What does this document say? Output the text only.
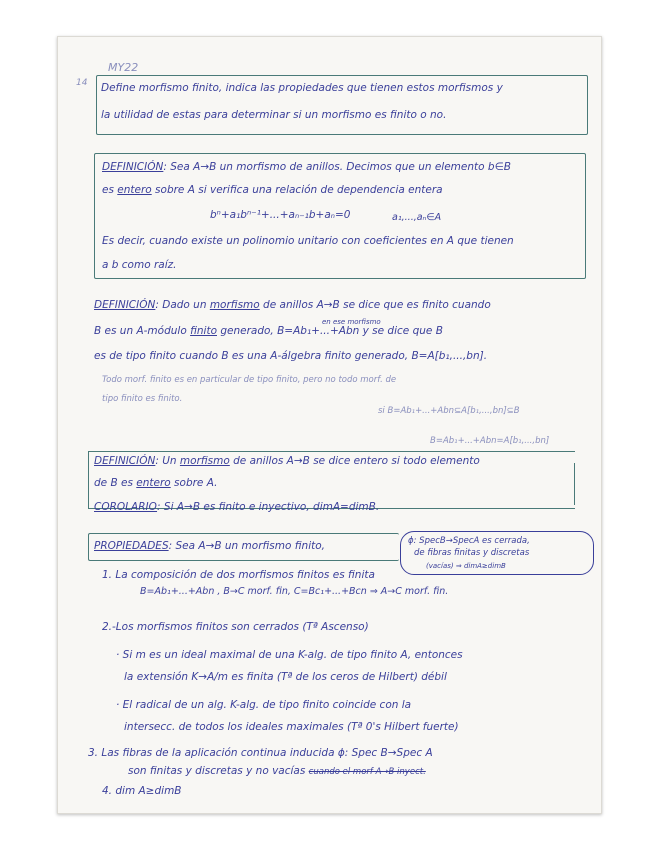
MY22
14 Define morfismo finito, indica las propiedades que tienen estos morfismos y
la utilidad de estas para determinar si un morfismo es finito o no.
DEFINICIÓN: Sea A→B un morfismo de anillos. Decimos que un elemento b∈B
es entero sobre A si verifica una relación de dependencia entera
bⁿ+a₁bⁿ⁻¹+...+aₙ₋₁b+aₙ=0	a₁,...,aₙ∈A
Es decir, cuando existe un polinomio unitario con coeficientes en A que tienen
a b como raíz.
DEFINICIÓN: Dado un morfismo de anillos A→B se dice que es finito cuando
en ese morfismo
B es un A-módulo finito generado, B=Ab₁+...+Abn y se dice que B
es de tipo finito cuando B es una A-álgebra finito generado, B=A[b₁,...,bn].
Todo morf. finito es en particular de tipo finito, pero no todo morf. de
tipo finito es finito.
si B=Ab₁+...+Abn⊆A[b₁,...,bn]⊆B
B=Ab₁+...+Abn=A[b₁,...,bn]
DEFINICIÓN: Un morfismo de anillos A→B se dice entero si todo elemento
de B es entero sobre A.
COROLARIO: Si A→B es finito e inyectivo, dimA=dimB.
PROPIEDADES: Sea A→B un morfismo finito,	ϕ: SpecB→SpecA es cerrada,
de fibras finitas y discretas
(vacías) ⇒ dimA≥dimB
1. La composición de dos morfismos finitos es finita
B=Ab₁+...+Abn , B→C morf. fin, C=Bc₁+...+Bcn ⇒ A→C morf. fin.
2.-Los morfismos finitos son cerrados (Tª Ascenso)
· Si m es un ideal maximal de una K-alg. de tipo finito A, entonces
la extensión K→A/m es finita (Tª de los ceros de Hilbert) débil
· El radical de un alg. K-alg. de tipo finito coincide con la
intersecc. de todos los ideales maximales (Tª 0's Hilbert fuerte)
3. Las fibras de la aplicación continua inducida ϕ: Spec B→Spec A
son finitas y discretas y no vacías cuando el morf A→B inyect.
4. dim A≥dimB
